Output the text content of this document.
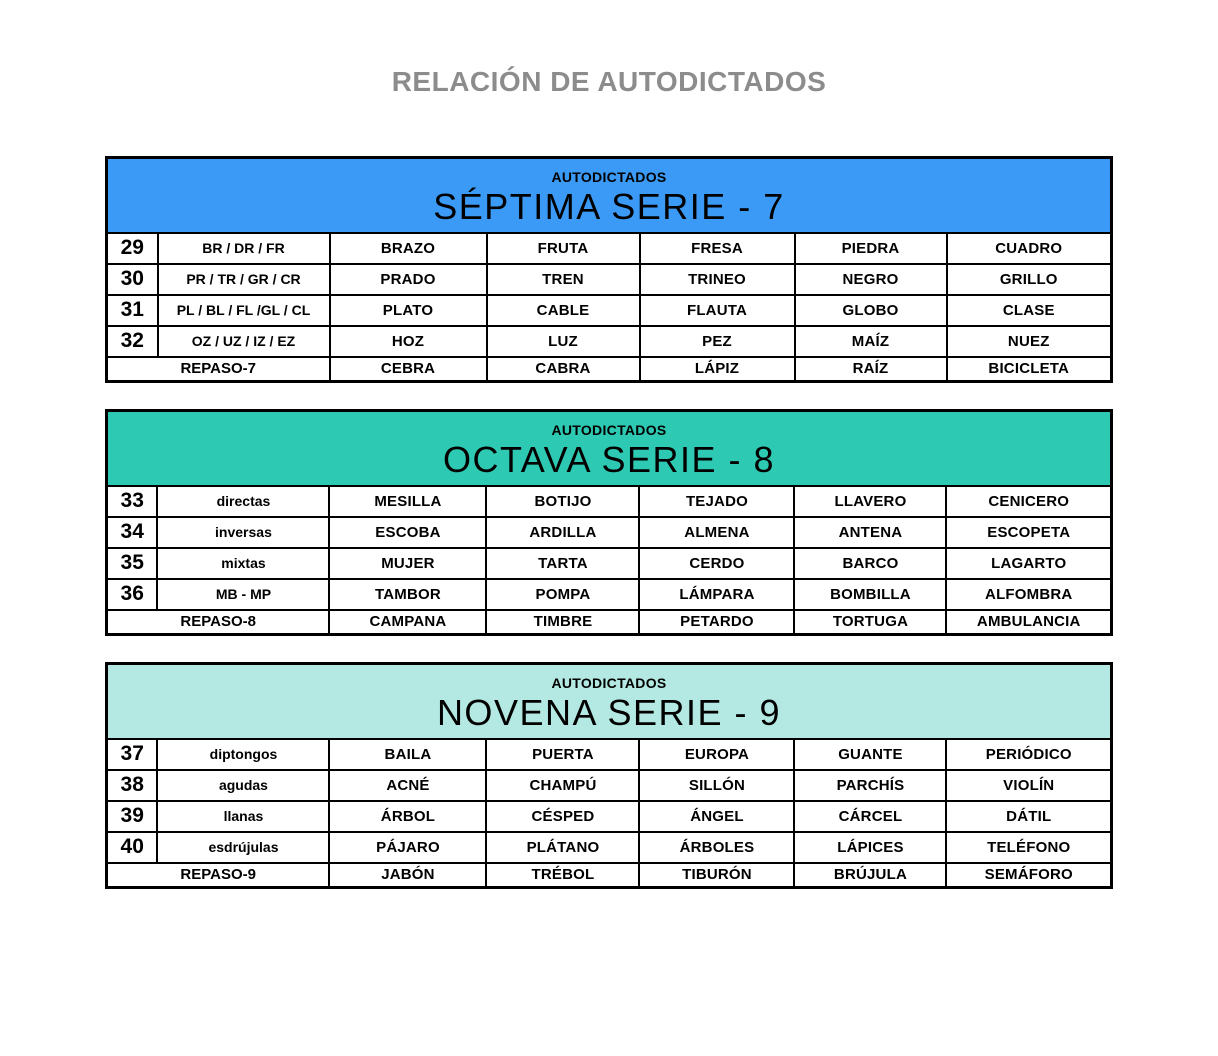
RELACIÓN DE AUTODICTADOS
AUTODICTADOS
SÉPTIMA SERIE - 7						

29	BR / DR / FR	BRAZO	FRUTA	FRESA	PIEDRA	CUADRO
30	PR / TR / GR / CR	PRADO	TREN	TRINEO	NEGRO	GRILLO
31	PL / BL / FL /GL / CL	PLATO	CABLE	FLAUTA	GLOBO	CLASE
32	OZ / UZ / IZ / EZ	HOZ	LUZ	PEZ	MAÍZ	NUEZ
REPASO-7		CEBRA	CABRA	LÁPIZ	RAÍZ	BICICLETA
AUTODICTADOS
OCTAVA SERIE - 8						

33	directas	MESILLA	BOTIJO	TEJADO	LLAVERO	CENICERO
34	inversas	ESCOBA	ARDILLA	ALMENA	ANTENA	ESCOPETA
35	mixtas	MUJER	TARTA	CERDO	BARCO	LAGARTO
36	MB - MP	TAMBOR	POMPA	LÁMPARA	BOMBILLA	ALFOMBRA
REPASO-8		CAMPANA	TIMBRE	PETARDO	TORTUGA	AMBULANCIA
AUTODICTADOS
NOVENA SERIE - 9						

37	diptongos	BAILA	PUERTA	EUROPA	GUANTE	PERIÓDICO
38	agudas	ACNÉ	CHAMPÚ	SILLÓN	PARCHÍS	VIOLÍN
39	llanas	ÁRBOL	CÉSPED	ÁNGEL	CÁRCEL	DÁTIL
40	esdrújulas	PÁJARO	PLÁTANO	ÁRBOLES	LÁPICES	TELÉFONO
REPASO-9		JABÓN	TRÉBOL	TIBURÓN	BRÚJULA	SEMÁFORO
